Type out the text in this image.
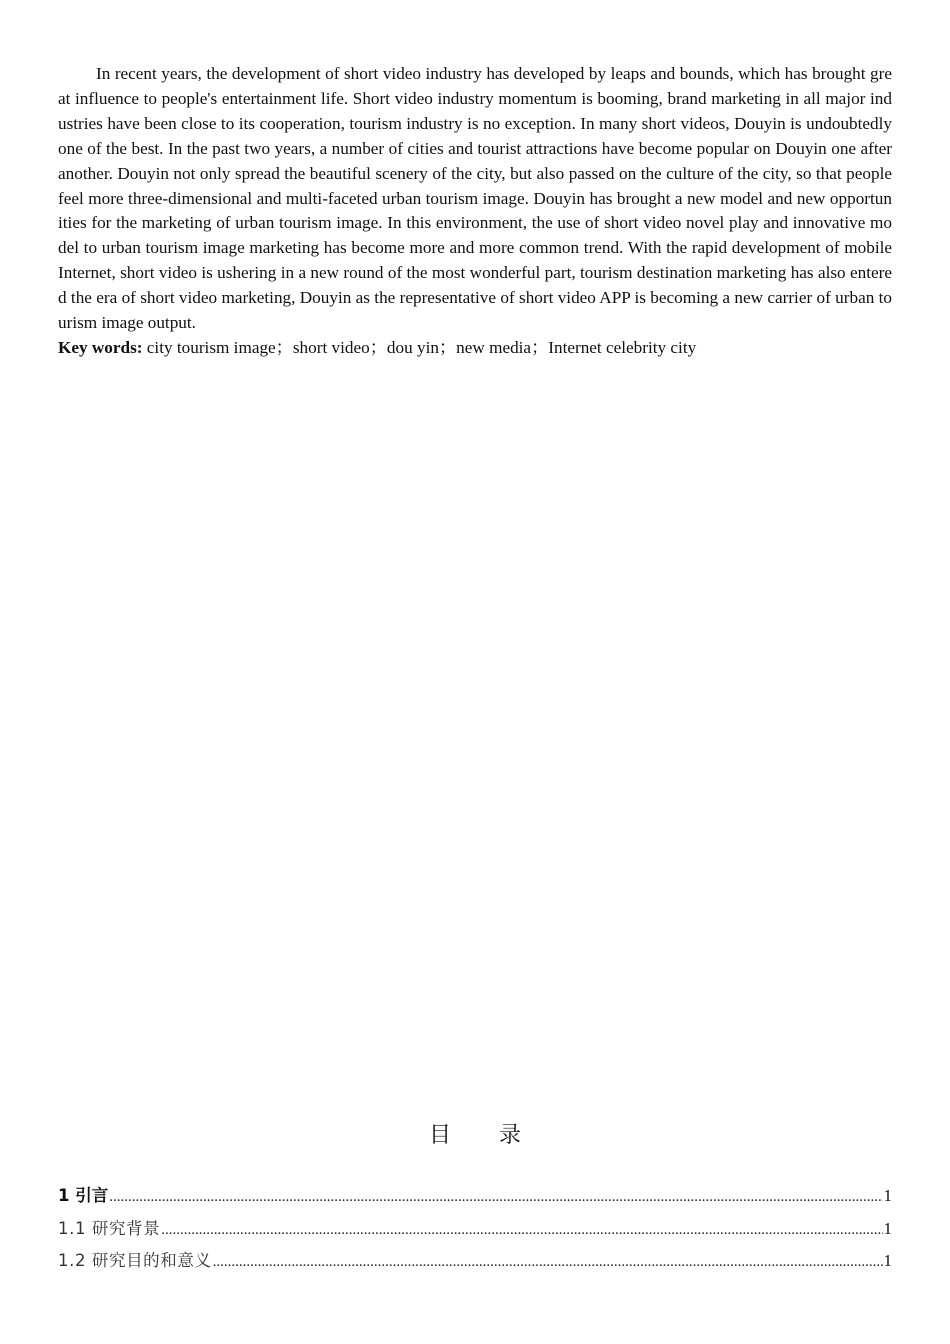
In recent years, the development of short video industry has developed by leaps and bounds, which has brought great influence to people's entertainment life. Short video industry momentum is booming, brand marketing in all major industries have been close to its cooperation, tourism industry is no exception. In many short videos, Douyin is undoubtedly one of the best. In the past two years, a number of cities and tourist attractions have become popular on Douyin one after another. Douyin not only spread the beautiful scenery of the city, but also passed on the culture of the city, so that people feel more three-dimensional and multi-faceted urban tourism image. Douyin has brought a new model and new opportunities for the marketing of urban tourism image. In this environment, the use of short video novel play and innovative model to urban tourism image marketing has become more and more common trend. With the rapid development of mobile Internet, short video is ushering in a new round of the most wonderful part, tourism destination marketing has also entered the era of short video marketing, Douyin as the representative of short video APP is becoming a new carrier of urban tourism image output.

Key words: city tourism image；short video；dou yin；new media；Internet celebrity city

目 录
1 引言 .....	1
1.1 研究背景 .....	1
1.2 研究目的和意义 .....	1
